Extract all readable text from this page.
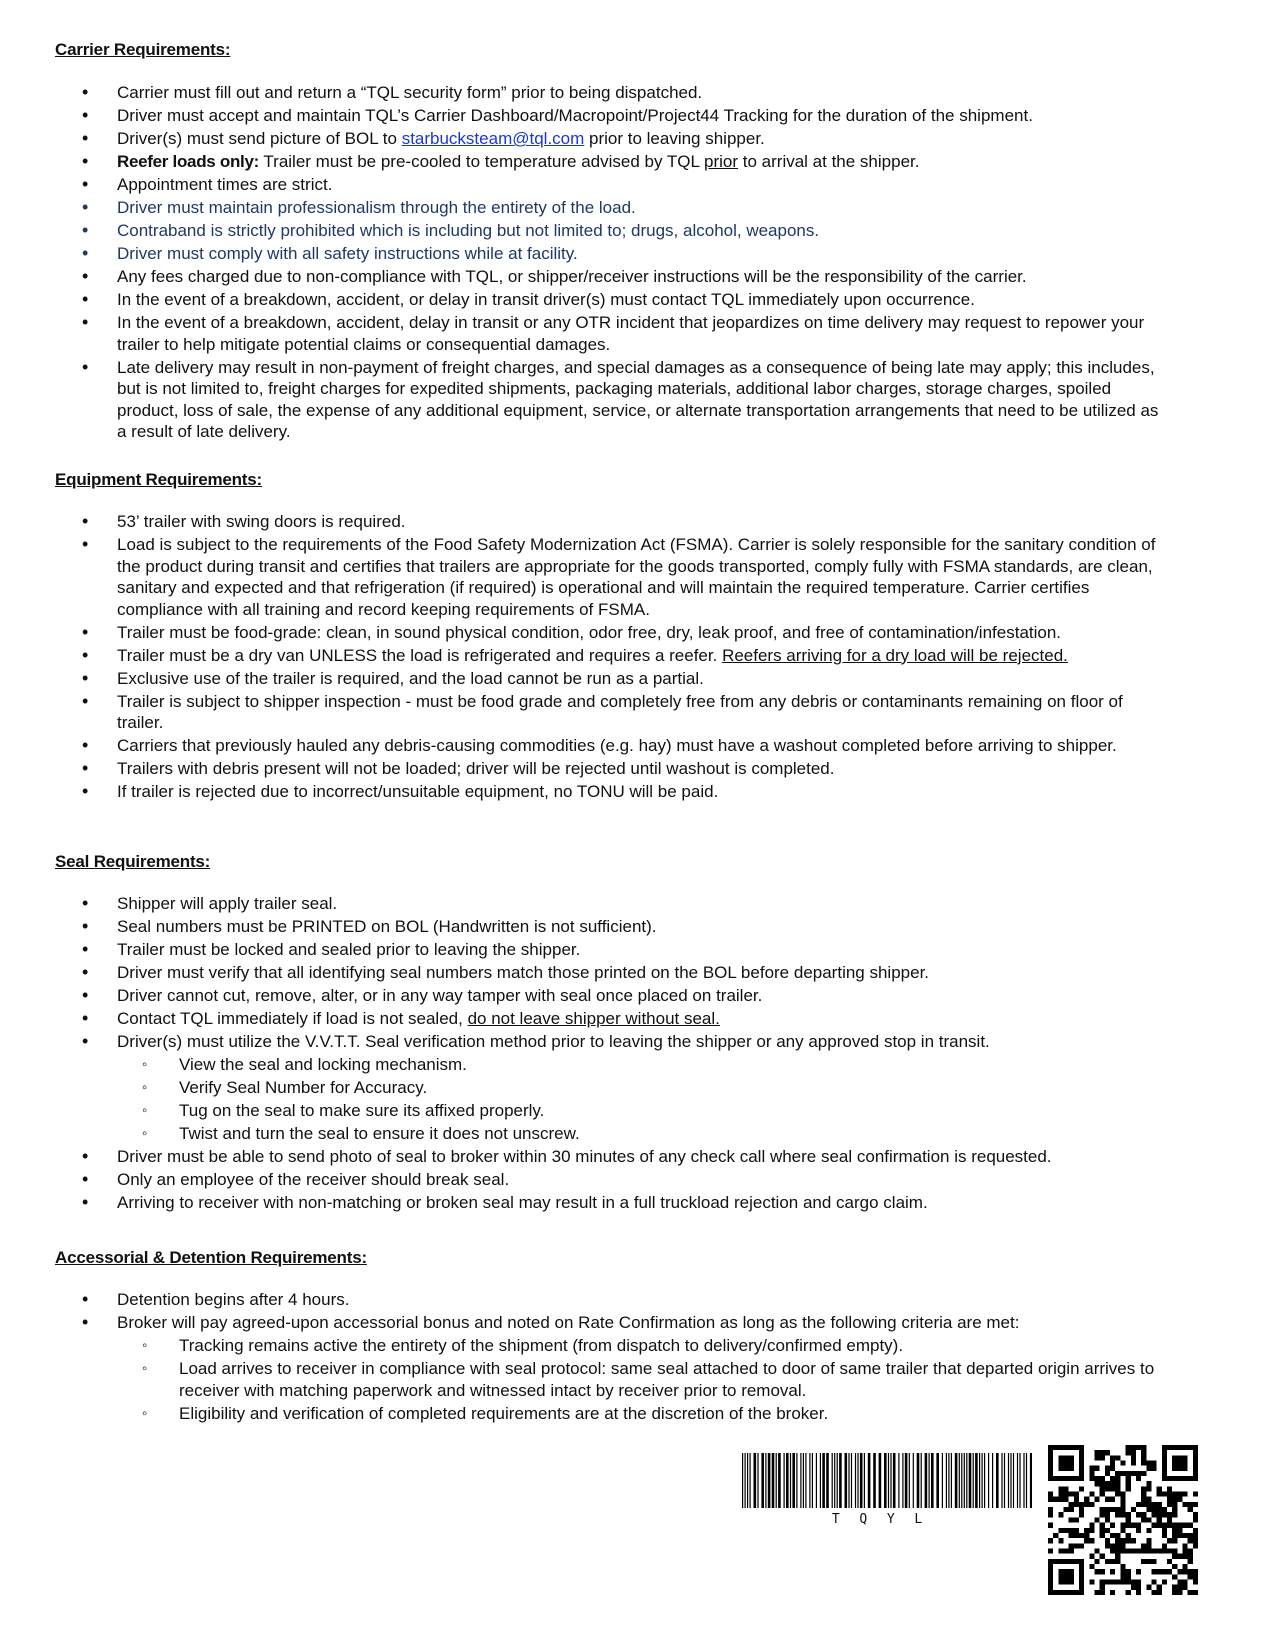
Carrier Requirements:
• Carrier must fill out and return a “TQL security form” prior to being dispatched.
• Driver must accept and maintain TQL’s Carrier Dashboard/Macropoint/Project44 Tracking for the duration of the shipment.
• Driver(s) must send picture of BOL to starbucksteam@tql.com prior to leaving shipper.
• Reefer loads only: Trailer must be pre-cooled to temperature advised by TQL prior to arrival at the shipper.
• Appointment times are strict.
• Driver must maintain professionalism through the entirety of the load.
• Contraband is strictly prohibited which is including but not limited to; drugs, alcohol, weapons.
• Driver must comply with all safety instructions while at facility.
• Any fees charged due to non-compliance with TQL, or shipper/receiver instructions will be the responsibility of the carrier.
• In the event of a breakdown, accident, or delay in transit driver(s) must contact TQL immediately upon occurrence.
• In the event of a breakdown, accident, delay in transit or any OTR incident that jeopardizes on time delivery may request to repower your trailer to help mitigate potential claims or consequential damages.
• Late delivery may result in non-payment of freight charges, and special damages as a consequence of being late may apply; this includes, but is not limited to, freight charges for expedited shipments, packaging materials, additional labor charges, storage charges, spoiled product, loss of sale, the expense of any additional equipment, service, or alternate transportation arrangements that need to be utilized as a result of late delivery.
Equipment Requirements:
• 53’ trailer with swing doors is required.
• Load is subject to the requirements of the Food Safety Modernization Act (FSMA). Carrier is solely responsible for the sanitary condition of the product during transit and certifies that trailers are appropriate for the goods transported, comply fully with FSMA standards, are clean, sanitary and expected and that refrigeration (if required) is operational and will maintain the required temperature. Carrier certifies compliance with all training and record keeping requirements of FSMA.
• Trailer must be food-grade: clean, in sound physical condition, odor free, dry, leak proof, and free of contamination/infestation.
• Trailer must be a dry van UNLESS the load is refrigerated and requires a reefer. Reefers arriving for a dry load will be rejected.
• Exclusive use of the trailer is required, and the load cannot be run as a partial.
• Trailer is subject to shipper inspection - must be food grade and completely free from any debris or contaminants remaining on floor of trailer.
• Carriers that previously hauled any debris-causing commodities (e.g. hay) must have a washout completed before arriving to shipper.
• Trailers with debris present will not be loaded; driver will be rejected until washout is completed.
• If trailer is rejected due to incorrect/unsuitable equipment, no TONU will be paid.
Seal Requirements:
• Shipper will apply trailer seal.
• Seal numbers must be PRINTED on BOL (Handwritten is not sufficient).
• Trailer must be locked and sealed prior to leaving the shipper.
• Driver must verify that all identifying seal numbers match those printed on the BOL before departing shipper.
• Driver cannot cut, remove, alter, or in any way tamper with seal once placed on trailer.
• Contact TQL immediately if load is not sealed, do not leave shipper without seal.
• Driver(s) must utilize the V.V.T.T. Seal verification method prior to leaving the shipper or any approved stop in transit.
◦ View the seal and locking mechanism.
◦ Verify Seal Number for Accuracy.
◦ Tug on the seal to make sure its affixed properly.
◦ Twist and turn the seal to ensure it does not unscrew.
• Driver must be able to send photo of seal to broker within 30 minutes of any check call where seal confirmation is requested.
• Only an employee of the receiver should break seal.
• Arriving to receiver with non-matching or broken seal may result in a full truckload rejection and cargo claim.
Accessorial & Detention Requirements:
• Detention begins after 4 hours.
• Broker will pay agreed-upon accessorial bonus and noted on Rate Confirmation as long as the following criteria are met:
◦ Tracking remains active the entirety of the shipment (from dispatch to delivery/confirmed empty).
◦ Load arrives to receiver in compliance with seal protocol: same seal attached to door of same trailer that departed origin arrives to receiver with matching paperwork and witnessed intact by receiver prior to removal.
◦ Eligibility and verification of completed requirements are at the discretion of the broker.
T Q Y L
